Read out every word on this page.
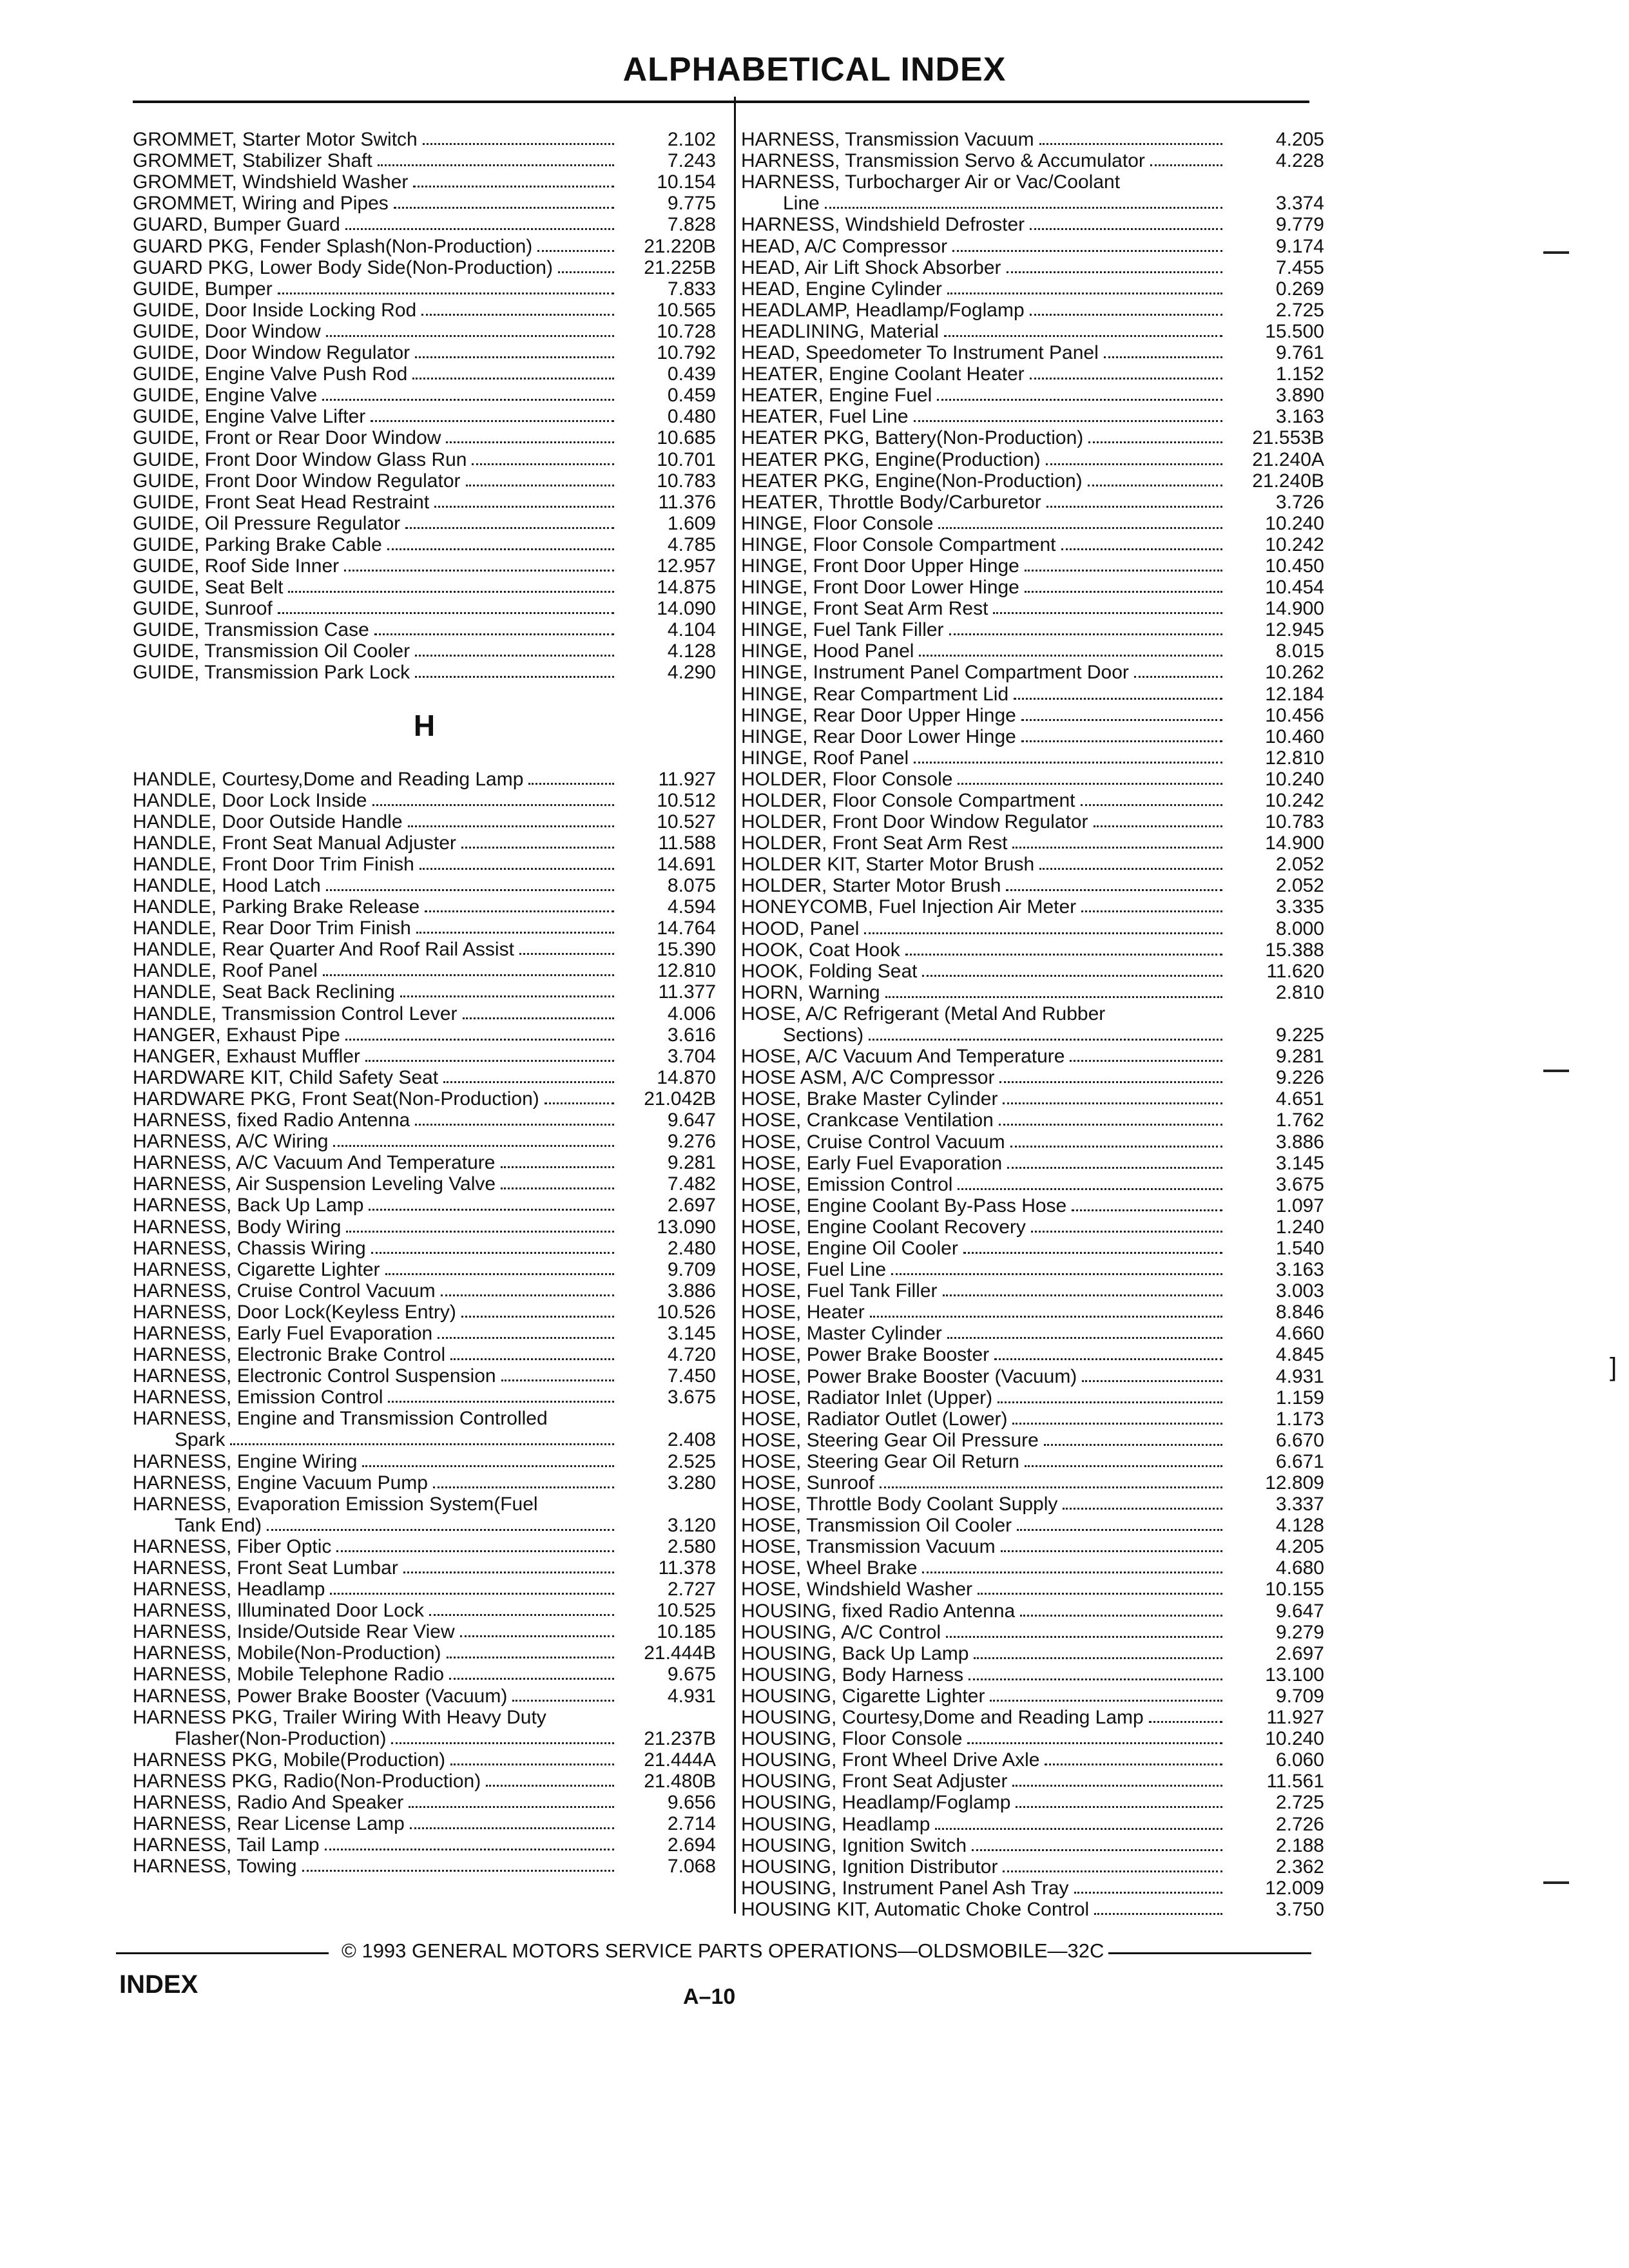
ALPHABETICAL INDEX
GROMMET, Starter Motor Switch	2.102
GROMMET, Stabilizer Shaft	7.243
GROMMET, Windshield Washer	10.154
GROMMET, Wiring and Pipes	9.775
GUARD, Bumper Guard	7.828
GUARD PKG, Fender Splash(Non-Production)	21.220B
GUARD PKG, Lower Body Side(Non-Production)	21.225B
GUIDE, Bumper	7.833
GUIDE, Door Inside Locking Rod	10.565
GUIDE, Door Window	10.728
GUIDE, Door Window Regulator	10.792
GUIDE, Engine Valve Push Rod	0.439
GUIDE, Engine Valve	0.459
GUIDE, Engine Valve Lifter	0.480
GUIDE, Front or Rear Door Window	10.685
GUIDE, Front Door Window Glass Run	10.701
GUIDE, Front Door Window Regulator	10.783
GUIDE, Front Seat Head Restraint	11.376
GUIDE, Oil Pressure Regulator	1.609
GUIDE, Parking Brake Cable	4.785
GUIDE, Roof Side Inner	12.957
GUIDE, Seat Belt	14.875
GUIDE, Sunroof	14.090
GUIDE, Transmission Case	4.104
GUIDE, Transmission Oil Cooler	4.128
GUIDE, Transmission Park Lock	4.290
H
HANDLE, Courtesy,Dome and Reading Lamp	11.927
HANDLE, Door Lock Inside	10.512
HANDLE, Door Outside Handle	10.527
HANDLE, Front Seat Manual Adjuster	11.588
HANDLE, Front Door Trim Finish	14.691
HANDLE, Hood Latch	8.075
HANDLE, Parking Brake Release	4.594
HANDLE, Rear Door Trim Finish	14.764
HANDLE, Rear Quarter And Roof Rail Assist	15.390
HANDLE, Roof Panel	12.810
HANDLE, Seat Back Reclining	11.377
HANDLE, Transmission Control Lever	4.006
HANGER, Exhaust Pipe	3.616
HANGER, Exhaust Muffler	3.704
HARDWARE KIT, Child Safety Seat	14.870
HARDWARE PKG, Front Seat(Non-Production)	21.042B
HARNESS, fixed Radio Antenna	9.647
HARNESS, A/C Wiring	9.276
HARNESS, A/C Vacuum And Temperature	9.281
HARNESS, Air Suspension Leveling Valve	7.482
HARNESS, Back Up Lamp	2.697
HARNESS, Body Wiring	13.090
HARNESS, Chassis Wiring	2.480
HARNESS, Cigarette Lighter	9.709
HARNESS, Cruise Control Vacuum	3.886
HARNESS, Door Lock(Keyless Entry)	10.526
HARNESS, Early Fuel Evaporation	3.145
HARNESS, Electronic Brake Control	4.720
HARNESS, Electronic Control Suspension	7.450
HARNESS, Emission Control	3.675
HARNESS, Engine and Transmission Controlled
Spark	2.408
HARNESS, Engine Wiring	2.525
HARNESS, Engine Vacuum Pump	3.280
HARNESS, Evaporation Emission System(Fuel
Tank End)	3.120
HARNESS, Fiber Optic	2.580
HARNESS, Front Seat Lumbar	11.378
HARNESS, Headlamp	2.727
HARNESS, Illuminated Door Lock	10.525
HARNESS, Inside/Outside Rear View	10.185
HARNESS, Mobile(Non-Production)	21.444B
HARNESS, Mobile Telephone Radio	9.675
HARNESS, Power Brake Booster (Vacuum)	4.931
HARNESS PKG, Trailer Wiring With Heavy Duty
Flasher(Non-Production)	21.237B
HARNESS PKG, Mobile(Production)	21.444A
HARNESS PKG, Radio(Non-Production)	21.480B
HARNESS, Radio And Speaker	9.656
HARNESS, Rear License Lamp	2.714
HARNESS, Tail Lamp	2.694
HARNESS, Towing	7.068
HARNESS, Transmission Vacuum	4.205
HARNESS, Transmission Servo & Accumulator	4.228
HARNESS, Turbocharger Air or Vac/Coolant
Line	3.374
HARNESS, Windshield Defroster	9.779
HEAD, A/C Compressor	9.174
HEAD, Air Lift Shock Absorber	7.455
HEAD, Engine Cylinder	0.269
HEADLAMP, Headlamp/Foglamp	2.725
HEADLINING, Material	15.500
HEAD, Speedometer To Instrument Panel	9.761
HEATER, Engine Coolant Heater	1.152
HEATER, Engine Fuel	3.890
HEATER, Fuel Line	3.163
HEATER PKG, Battery(Non-Production)	21.553B
HEATER PKG, Engine(Production)	21.240A
HEATER PKG, Engine(Non-Production)	21.240B
HEATER, Throttle Body/Carburetor	3.726
HINGE, Floor Console	10.240
HINGE, Floor Console Compartment	10.242
HINGE, Front Door Upper Hinge	10.450
HINGE, Front Door Lower Hinge	10.454
HINGE, Front Seat Arm Rest	14.900
HINGE, Fuel Tank Filler	12.945
HINGE, Hood Panel	8.015
HINGE, Instrument Panel Compartment Door	10.262
HINGE, Rear Compartment Lid	12.184
HINGE, Rear Door Upper Hinge	10.456
HINGE, Rear Door Lower Hinge	10.460
HINGE, Roof Panel	12.810
HOLDER, Floor Console	10.240
HOLDER, Floor Console Compartment	10.242
HOLDER, Front Door Window Regulator	10.783
HOLDER, Front Seat Arm Rest	14.900
HOLDER KIT, Starter Motor Brush	2.052
HOLDER, Starter Motor Brush	2.052
HONEYCOMB, Fuel Injection Air Meter	3.335
HOOD, Panel	8.000
HOOK, Coat Hook	15.388
HOOK, Folding Seat	11.620
HORN, Warning	2.810
HOSE, A/C Refrigerant (Metal And Rubber
Sections)	9.225
HOSE, A/C Vacuum And Temperature	9.281
HOSE ASM, A/C Compressor	9.226
HOSE, Brake Master Cylinder	4.651
HOSE, Crankcase Ventilation	1.762
HOSE, Cruise Control Vacuum	3.886
HOSE, Early Fuel Evaporation	3.145
HOSE, Emission Control	3.675
HOSE, Engine Coolant By-Pass Hose	1.097
HOSE, Engine Coolant Recovery	1.240
HOSE, Engine Oil Cooler	1.540
HOSE, Fuel Line	3.163
HOSE, Fuel Tank Filler	3.003
HOSE, Heater	8.846
HOSE, Master Cylinder	4.660
HOSE, Power Brake Booster	4.845
HOSE, Power Brake Booster (Vacuum)	4.931
HOSE, Radiator Inlet (Upper)	1.159
HOSE, Radiator Outlet (Lower)	1.173
HOSE, Steering Gear Oil Pressure	6.670
HOSE, Steering Gear Oil Return	6.671
HOSE, Sunroof	12.809
HOSE, Throttle Body Coolant Supply	3.337
HOSE, Transmission Oil Cooler	4.128
HOSE, Transmission Vacuum	4.205
HOSE, Wheel Brake	4.680
HOSE, Windshield Washer	10.155
HOUSING, fixed Radio Antenna	9.647
HOUSING, A/C Control	9.279
HOUSING, Back Up Lamp	2.697
HOUSING, Body Harness	13.100
HOUSING, Cigarette Lighter	9.709
HOUSING, Courtesy,Dome and Reading Lamp	11.927
HOUSING, Floor Console	10.240
HOUSING, Front Wheel Drive Axle	6.060
HOUSING, Front Seat Adjuster	11.561
HOUSING, Headlamp/Foglamp	2.725
HOUSING, Headlamp	2.726
HOUSING, Ignition Switch	2.188
HOUSING, Ignition Distributor	2.362
HOUSING, Instrument Panel Ash Tray	12.009
HOUSING KIT, Automatic Choke Control	3.750
© 1993 GENERAL MOTORS SERVICE PARTS OPERATIONS—OLDSMOBILE—32C
INDEX	A–10
]
